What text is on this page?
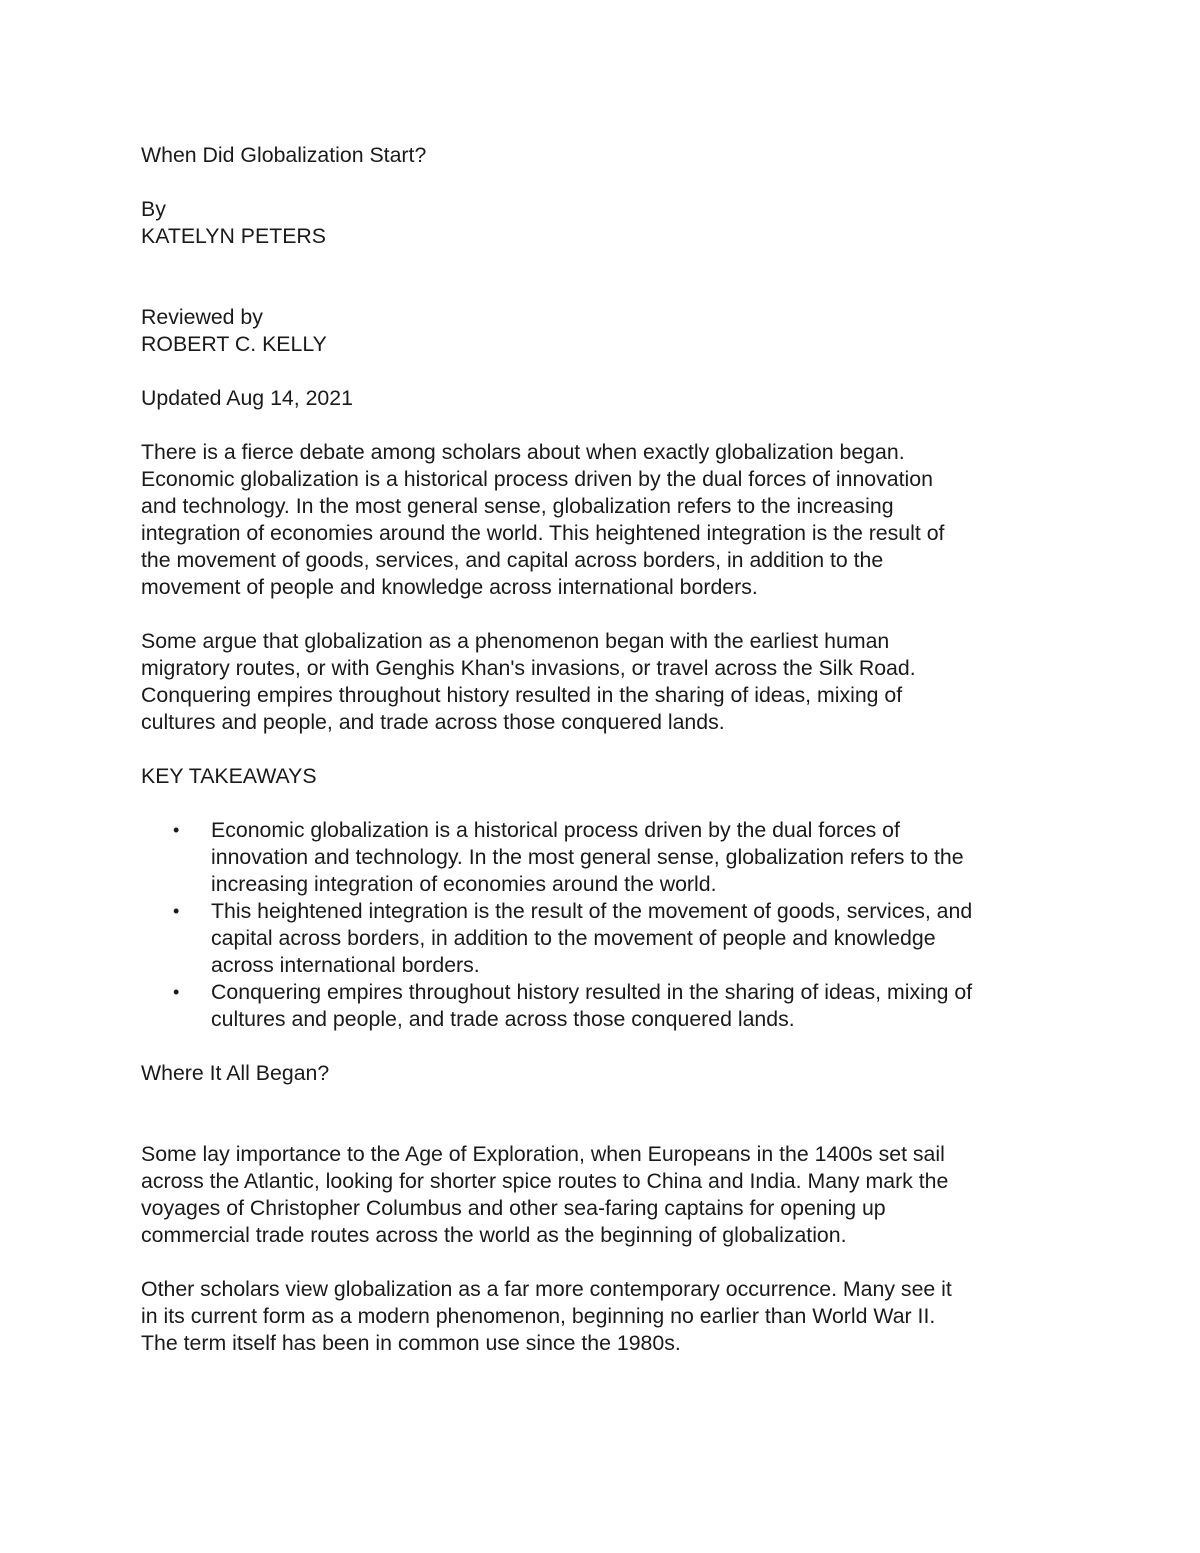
When Did Globalization Start?
By
KATELYN PETERS
Reviewed by
ROBERT C. KELLY
Updated Aug 14, 2021
There is a fierce debate among scholars about when exactly globalization began.
Economic globalization is a historical process driven by the dual forces of innovation
and technology. In the most general sense, globalization refers to the increasing
integration of economies around the world. This heightened integration is the result of
the movement of goods, services, and capital across borders, in addition to the
movement of people and knowledge across international borders.
Some argue that globalization as a phenomenon began with the earliest human
migratory routes, or with Genghis Khan's invasions, or travel across the Silk Road.
Conquering empires throughout history resulted in the sharing of ideas, mixing of
cultures and people, and trade across those conquered lands.
KEY TAKEAWAYS
• Economic globalization is a historical process driven by the dual forces of
innovation and technology. In the most general sense, globalization refers to the
increasing integration of economies around the world.
• This heightened integration is the result of the movement of goods, services, and
capital across borders, in addition to the movement of people and knowledge
across international borders.
• Conquering empires throughout history resulted in the sharing of ideas, mixing of
cultures and people, and trade across those conquered lands.
Where It All Began?
Some lay importance to the Age of Exploration, when Europeans in the 1400s set sail
across the Atlantic, looking for shorter spice routes to China and India. Many mark the
voyages of Christopher Columbus and other sea-faring captains for opening up
commercial trade routes across the world as the beginning of globalization.
Other scholars view globalization as a far more contemporary occurrence. Many see it
in its current form as a modern phenomenon, beginning no earlier than World War II.
The term itself has been in common use since the 1980s.
